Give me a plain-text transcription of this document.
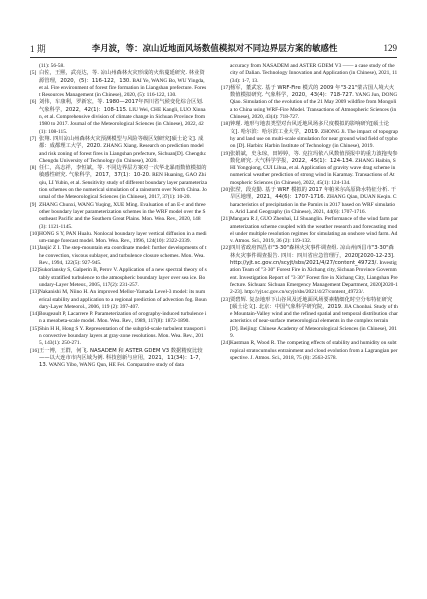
1 期	李月波，等：凉山近地面风场数值模拟对不同边界层方案的敏感性	129

(11): 56-58.

[5] 白佐，王熙，武亮达，等. 凉山州森林火灾形成的火焰蔓延研究. 林业资源管理，2020，(5)：116-122，130. BAI Ye, WANG Bo, WU Yingda, et al. Fire environment of forest fire formation in Liangshan prefecture. Forest Resources Management (in Chinese), 2020, (5): 116-122, 130.

[6] 刘伟，车康利，罗新宏，等. 1980—2017年四川省气候变化综合区划. 气象科学，2022，42(1)：108-115. LIU Wei, CHE Kangli, LUO Xinnan, et al. Comprehensive division of climate change in Sichuan Province from 1980 to 2017. Journal of the Meteorological Sciences (in Chinese), 2022, 42 (1): 108-115.

[7] 张翔. 四川凉山州森林火灾预测模型与风险等级区划研究[硕士论文]. 成都：成都理工大学，2020. ZHANG Xiang. Research on prediction model and risk zoning of forest fires in Liangshan prefecture, Sichuan[D]. Chengdu: Chengdu University of Technology (in Chinese), 2020.

[8] 任仁，高志祥，李恒斌，等. 不同边界层方案对一次华北暴雨数值模拟的敏感性研究. 气象科学，2017，37(1)：10-20. REN Huaning, GAO Zhiqiu, LI Yubin, et al. Sensitivity study of different boundary layer parameterization schemes on the numerical simulation of a rainstorm over North China. Journal of the Meteorological Sciences (in Chinese), 2017, 37(1): 10-20.

[9] ZHANG Chunxi, WANG Yuqing, XUE Ming. Evaluation of an E-ε and three other boundary layer parameterization schemes in the WRF model over the Southeast Pacific and the Southern Great Plains. Mon. Wea. Rev., 2020, 148(3): 1121-1145.

[10]HONG S Y, PAN Hualu. Nonlocal boundary layer vertical diffusion in a medium-range forecast model. Mon. Wea. Rev., 1996, 124(10): 2322-2339.

[11]Janjić Z I. The step-mountain eta coordinate model: further developments of the convection, viscous sublayer, and turbulence closure schemes. Mon. Wea. Rev., 1994, 122(5): 927-945.

[12]Sukoriansky S, Galperin B, Perov V. Application of a new spectral theory of stably stratified turbulence to the atmospheric boundary layer over sea ice. Boundary-Layer Meteor., 2005, 117(2): 231-257.

[13]Nakanishi M, Niino H. An improved Mellor-Yamada Level-3 model: its numerical stability and application to a regional prediction of advection fog. Boundary-Layer Meteorol., 2006, 119 (2): 397-407.

[14]Bougeault P, Lacarrere P. Parameterization of orography-induced turbulence in a mesobeta-scale model. Mon. Wea. Rev., 1989, 117(8): 1872-1890.

[15]Shin H H, Hong S Y. Representation of the subgrid-scale turbulent transport in convective boundary layers at gray-zone resolutions. Mon. Wea. Rev., 2015, 143(1): 250-271.

[16]王一博，王群，何飞. NASADEM 和 ASTER GDEM V3 数据精度比较——以大连市市内区域为例. 科技创新与应用，2021，11(34)：1-7，13. WANG Yibo, WANG Qun, HE Fei. Comparative study of data

accuracy from NASADEM and ASTER GDEM V3 —— a case study of the city of Dalian. Technology Innovation and Application (in Chinese), 2021, 11(34): 1-7, 13.

[17]杨军，董武宏. 基于 WRF-Fire 模式的 2009 年"3·21"蒙古国人境大火数值模拟研究. 气象科学，2020，43(4)：718-727. YANG Jun, DONG Qiao. Simulation of the evolution of the 21 May 2009 wildfire from Mongolia to China using WRF-Fire Model. Transactions of Atmospheric Sciences (in Chinese), 2020, 43(4): 718-727.

[18]钟瑾. 地形与地表类型对台风近地风场多尺度模拟的影响研究[硕士论文]. 哈尔滨：哈尔滨工业大学，2019. ZHONG Ji. The impact of topography and land use on multi-scale simulation for near ground wind field of typhoon [D]. Harbin: Harbin Institute of Technology (in Chinese), 2019.

[19]张娟斌，史永琼，田婷婷，等. 克拉玛依八风数值预报中的重力波拖曳参数化研究. 大气科学学报，2022，45(1)：124-134. ZHANG Haibin, SHI Yongqiong, CUI Lihua, et al. Application of gravity wave drag scheme in numerical weather prediction of strong wind in Karamay. Transactions of Atmospheric Sciences (in Chinese), 2022, 45(1): 124-134.

[20]张滢，段克勤. 基于 WRF 模拟的 2017 年帕米尔高原降水特征分析. 干旱区地理，2021，44(6)：1707-1716. ZHANG Qian, DUAN Keqin. Characteristics of precipitation in the Pamirs in 2017 based on WRF simulation. Arid Land Geography (in Chinese), 2021, 44(6): 1707-1716.

[21]Mangara R J, GUO Zhenhai, LI Shuanglin. Performance of the wind farm parameterization scheme coupled with the weather research and forecasting model under multiple resolution regimes for simulating an onshore wind farm. Adv. Atmos. Sci., 2019, 36 (2): 119-132.

[22]四川省政府四昌市"3·30"森林火灾事件调查组. 凉山州西昌市"3·30"森林火灾事件调查报告. 四川：四川省应急管理厅，2020[2020-12-23]. http://yjt.sc.gov.cn/scyjt/sbs/2021/4/27/content_49723/. Investigation Team of "3·30" Forest Fire in Xichang city, Sichuan Province Government. Investigation Report of "3·30" Forest fire in Xichang City, Liangshan Prefecture. Sichuan: Sichuan Emergency Management Department, 2020[2020-12-23]. http://yjt.sc.gov.cn/scyjt/sbs/2021/4/27/content_49723/.

[23]贾碧辉. 复杂地形下山谷风及近地面风场要素精细化时空分布特征研究[硕士论文]. 北京：中国气象科学研究院，2019. JIA Chonbai. Study of the Mountain-Valley wind and the refined spatial and temporal distribution characteristics of near-surface meteorological elements in the complex terrain [D]. Beijing: Chinese Academy of Meteorological Sciences (in Chinese), 2019.

[24]Kastman R, Wood R. The competing effects of stability and humidity on subtropical stratocumulus entrainment and cloud evolution from a Lagrangian perspective. J. Atmos. Sci., 2018, 75 (8): 2563-2578.
